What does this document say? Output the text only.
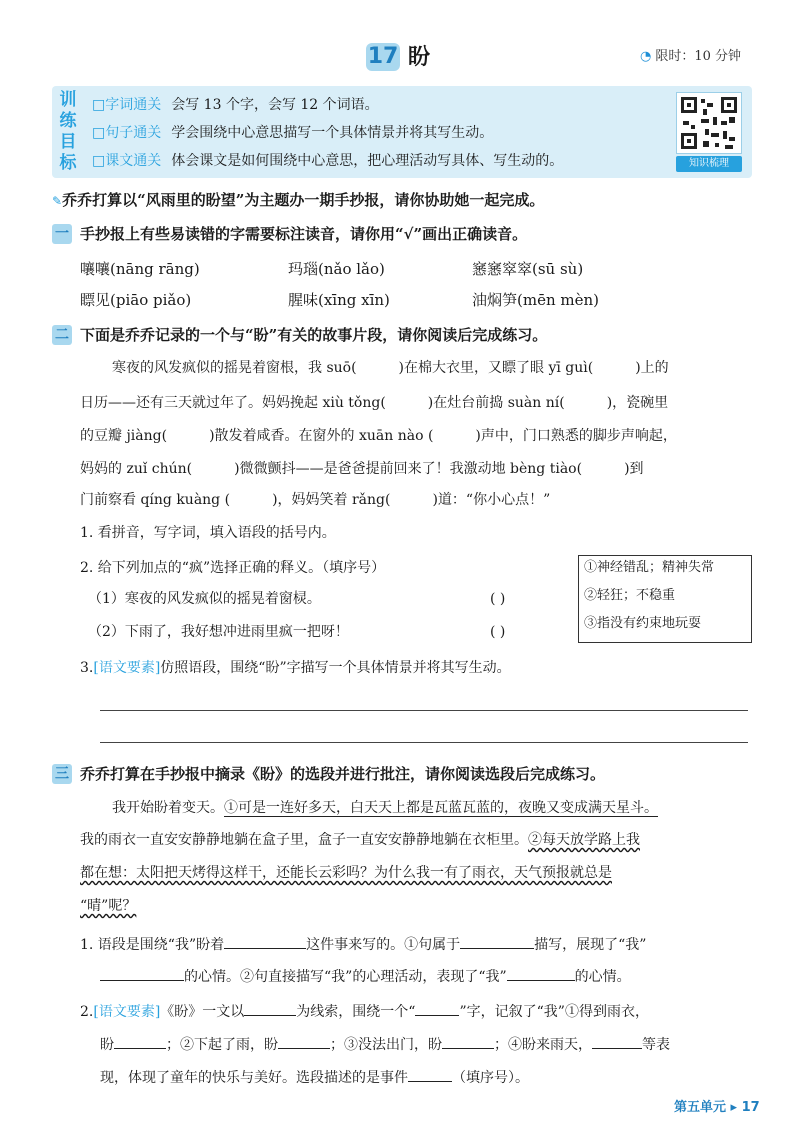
17 盼	◔ 限时：10 分钟
训
练
目
标
□字词通关 会写 13 个字，会写 12 个词语。
□句子通关 学会围绕中心意思描写一个具体情景并将其写生动。
□课文通关 体会课文是如何围绕中心意思，把心理活动写具体、写生动的。	知识梳理
✎乔乔打算以“风雨里的盼望”为主题办一期手抄报，请你协助她一起完成。
一 手抄报上有些易读错的字需要标注读音，请你用“√”画出正确读音。
嚷嚷(nāng rāng)	玛瑙(nǎo lǎo)	窸窸窣窣(sū sù)
瞟见(piāo piǎo)	腥味(xīng xīn)	油焖笋(mēn mèn)
二 下面是乔乔记录的一个与“盼”有关的故事片段，请你阅读后完成练习。
寒夜的风发疯似的摇晃着窗根，我 suō(	)在棉大衣里，又瞟了眼 yī guì(	)上的
日历——还有三天就过年了。妈妈挽起 xiù tǒng(	)在灶台前捣 suàn ní(	)，瓷碗里
的豆瓣 jiàng(	)散发着咸香。在窗外的 xuān nào (	)声中，门口熟悉的脚步声响起，
妈妈的 zuǐ chún(	)微微颤抖——是爸爸提前回来了！我激动地 bèng tiào(	)到
门前察看 qíng kuàng (	)，妈妈笑着 rǎng(	)道：“你小心点！”
1. 看拼音，写字词，填入语段的括号内。
2. 给下列加点的“疯”选择正确的释义。（填序号）
（1）寒夜的风发疯似的摇晃着窗棂。	( )
（2）下雨了，我好想冲进雨里疯一把呀！	( )
①神经错乱；精神失常
②轻狂；不稳重
③指没有约束地玩耍
3.[语文要素]仿照语段，围绕“盼”字描写一个具体情景并将其写生动。
三 乔乔打算在手抄报中摘录《盼》的选段并进行批注，请你阅读选段后完成练习。
我开始盼着变天。①可是一连好多天，白天天上都是瓦蓝瓦蓝的，夜晚又变成满天星斗。
我的雨衣一直安安静静地躺在盒子里，盒子一直安安静静地躺在衣柜里。②每天放学路上我
都在想：太阳把天烤得这样干，还能长云彩吗？为什么我一有了雨衣，天气预报就总是
“晴”呢？
1. 语段是围绕“我”盼着	这件事来写的。①句属于	描写，展现了“我”
的心情。②句直接描写“我”的心理活动，表现了“我”	的心情。
2.[语文要素]《盼》一文以	为线索，围绕一个“	”字，记叙了“我”①得到雨衣，
盼	；②下起了雨，盼	；③没法出门，盼	；④盼来雨天，	等表
现，体现了童年的快乐与美好。选段描述的是事件	（填序号）。
第五单元 ▸ 17
